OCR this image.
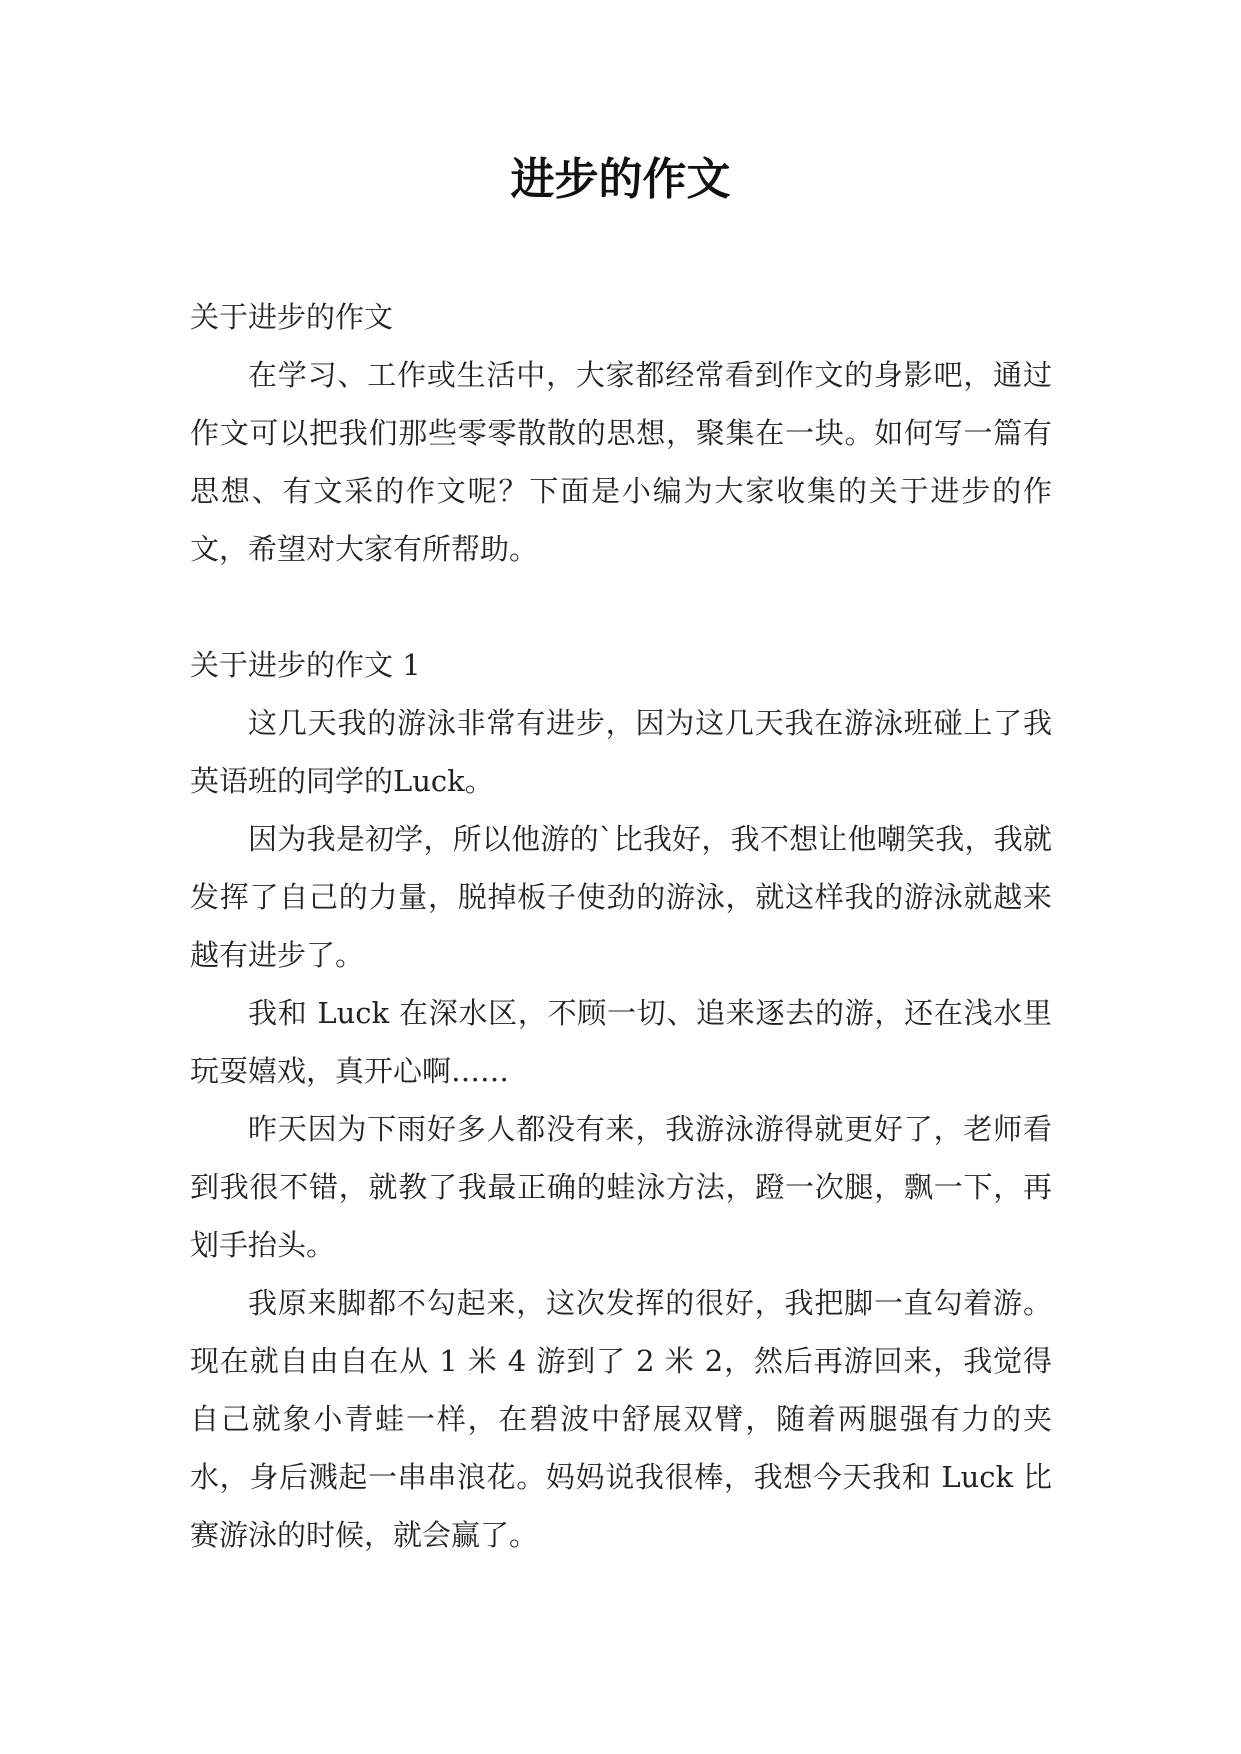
进步的作文

关于进步的作文

在学习、工作或生活中，大家都经常看到作文的身影吧，通过作文可以把我们那些零零散散的思想，聚集在一块。如何写一篇有思想、有文采的作文呢？下面是小编为大家收集的关于进步的作文，希望对大家有所帮助。

关于进步的作文 1

这几天我的游泳非常有进步，因为这几天我在游泳班碰上了我英语班的同学的Luck。

因为我是初学，所以他游的`比我好，我不想让他嘲笑我，我就发挥了自己的力量，脱掉板子使劲的游泳，就这样我的游泳就越来越有进步了。

我和 Luck 在深水区，不顾一切、追来逐去的游，还在浅水里玩耍嬉戏，真开心啊……

昨天因为下雨好多人都没有来，我游泳游得就更好了，老师看到我很不错，就教了我最正确的蛙泳方法，蹬一次腿，飘一下，再划手抬头。

我原来脚都不勾起来，这次发挥的很好，我把脚一直勾着游。现在就自由自在从 1 米 4 游到了 2 米 2，然后再游回来，我觉得自己就象小青蛙一样，在碧波中舒展双臂，随着两腿强有力的夹水，身后溅起一串串浪花。妈妈说我很棒，我想今天我和 Luck 比赛游泳的时候，就会赢了。
